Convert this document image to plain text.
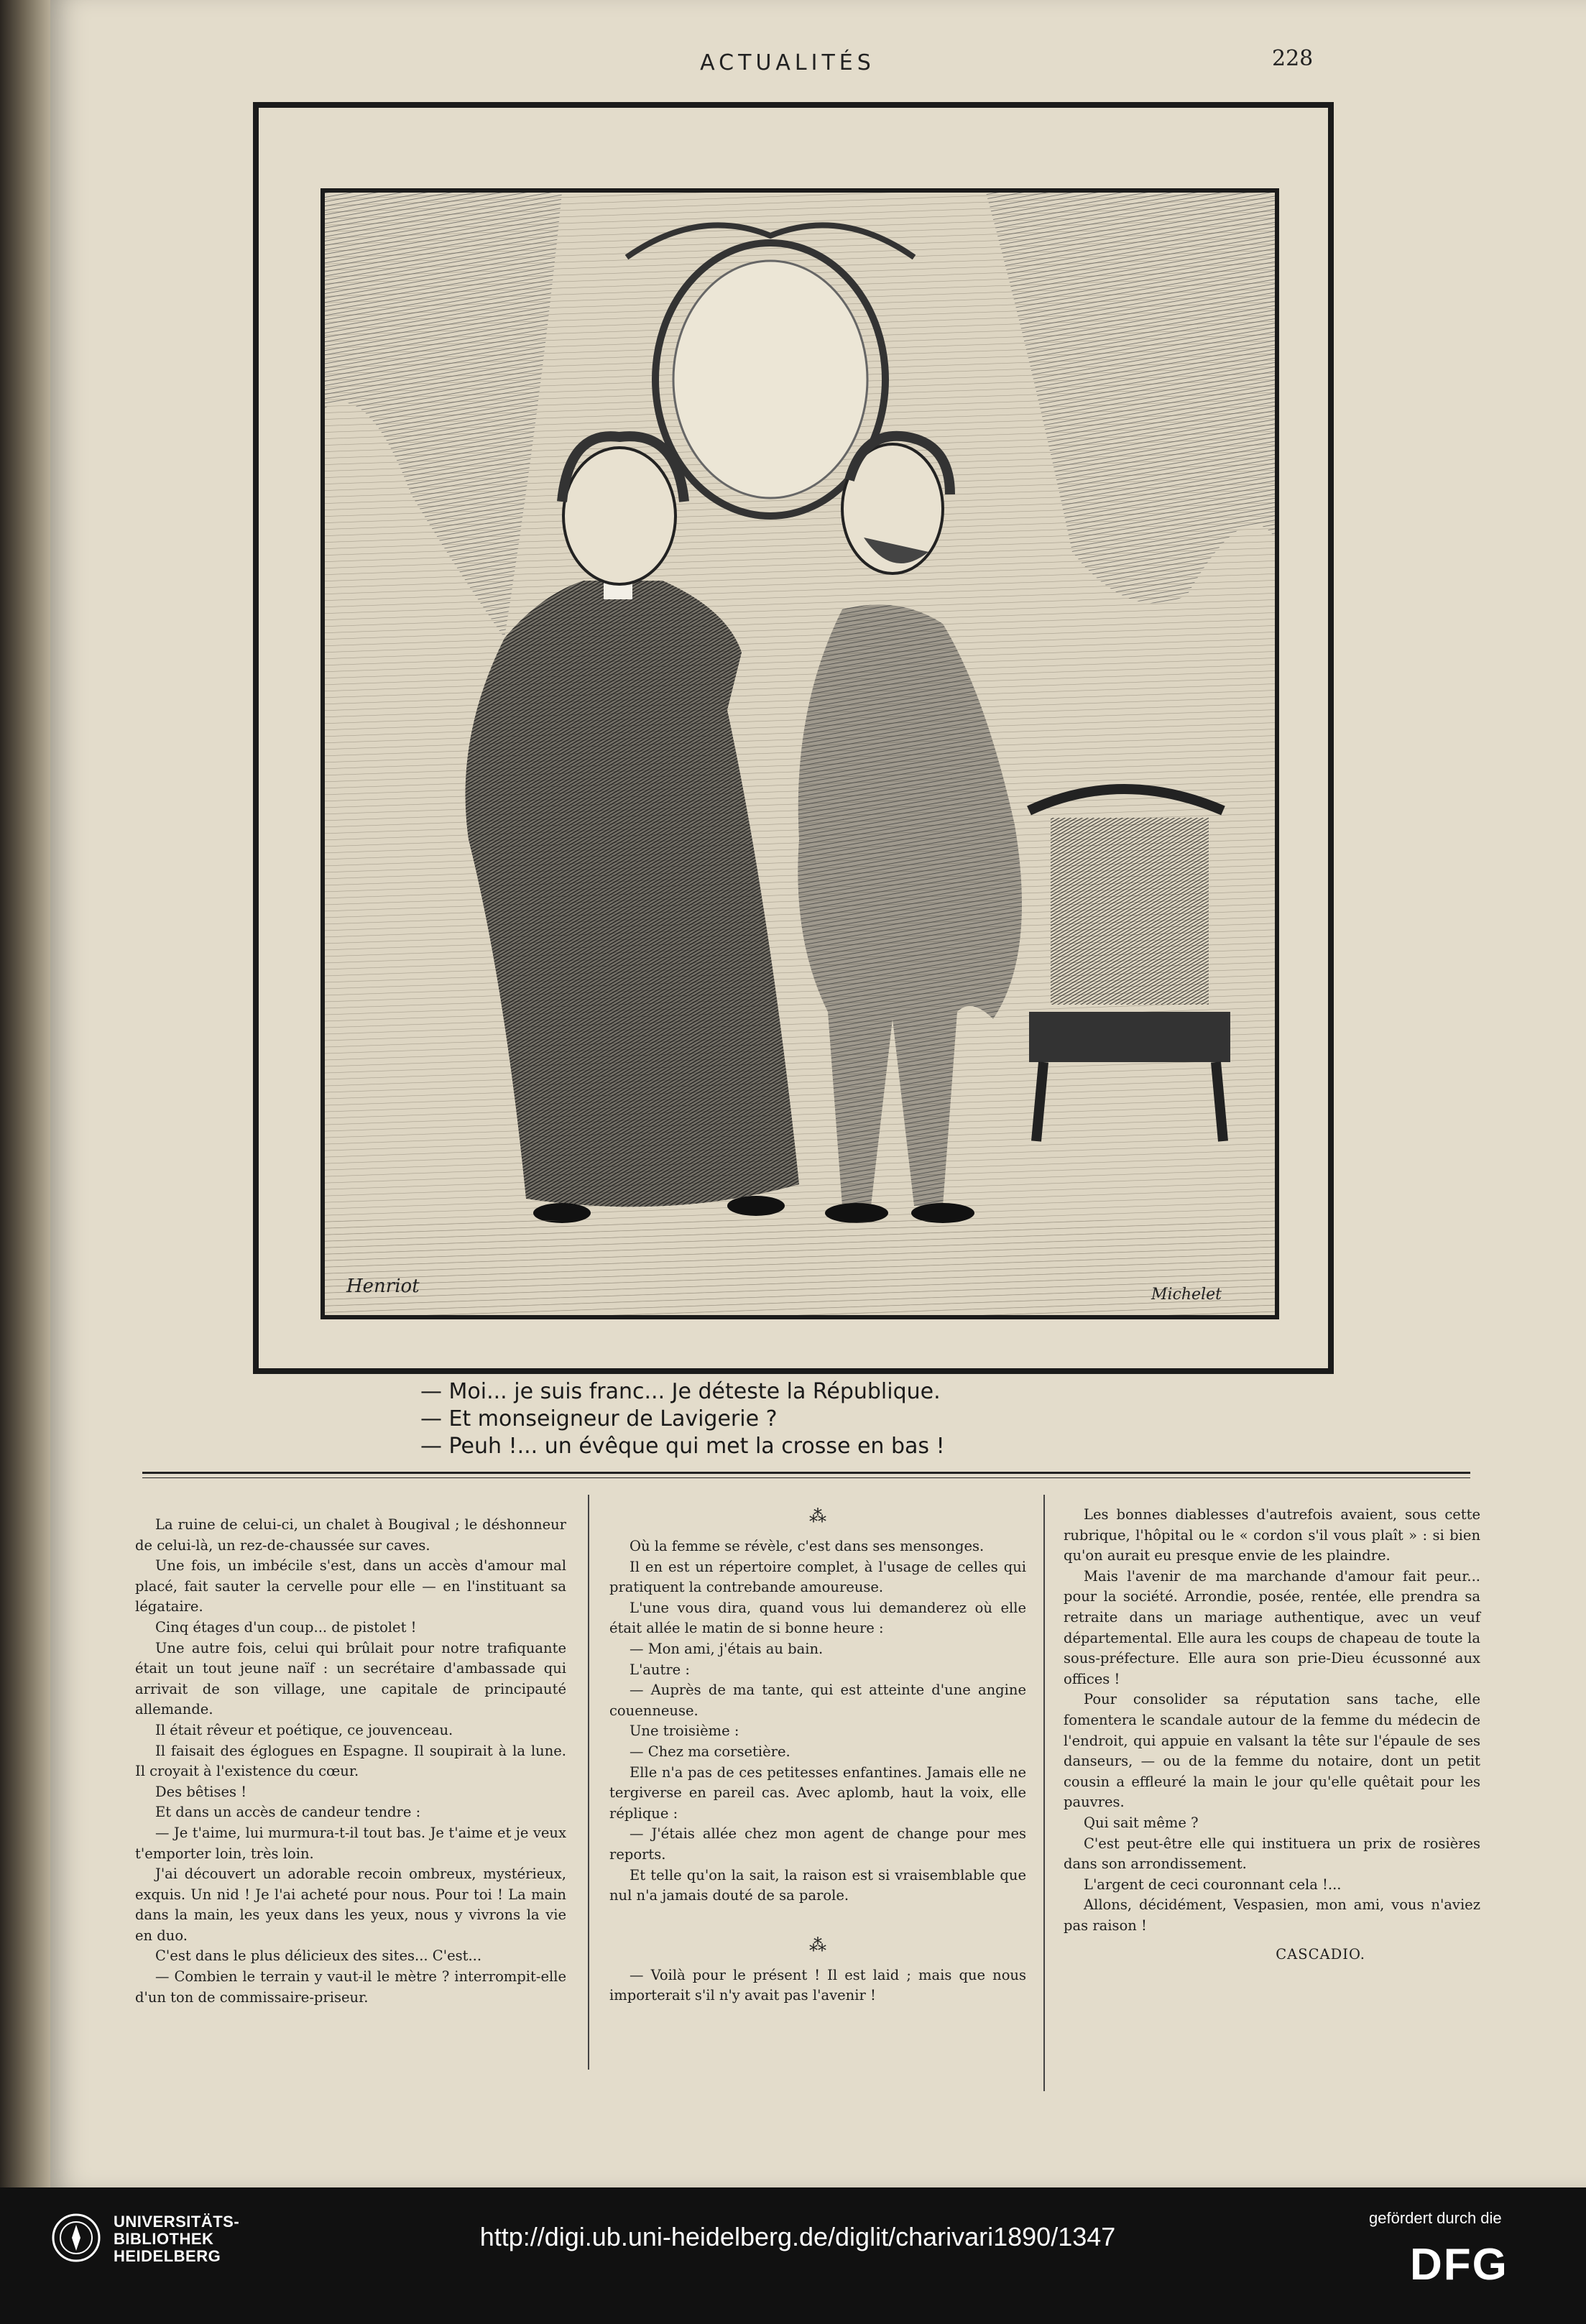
ACTUALITÉS	228
Henriot	Michelet
— Moi... je suis franc... Je déteste la République.
— Et monseigneur de Lavigerie ?
— Peuh !... un évêque qui met la crosse en bas !

La ruine de celui-ci, un chalet à Bougival ; le déshonneur de celui-là, un rez-de-chaussée sur caves.

Une fois, un imbécile s'est, dans un accès d'amour mal placé, fait sauter la cervelle pour elle — en l'instituant sa légataire.

Cinq étages d'un coup... de pistolet !

Une autre fois, celui qui brûlait pour notre trafiquante était un tout jeune naïf : un secrétaire d'ambassade qui arrivait de son village, une capitale de principauté allemande.

Il était rêveur et poétique, ce jouvenceau.

Il faisait des églogues en Espagne. Il soupirait à la lune. Il croyait à l'existence du cœur.

Des bêtises !

Et dans un accès de candeur tendre :

— Je t'aime, lui murmura-t-il tout bas. Je t'aime et je veux t'emporter loin, très loin.

J'ai découvert un adorable recoin ombreux, mystérieux, exquis. Un nid ! Je l'ai acheté pour nous. Pour toi ! La main dans la main, les yeux dans les yeux, nous y vivrons la vie en duo.

C'est dans le plus délicieux des sites... C'est...

— Combien le terrain y vaut-il le mètre ? interrompit-elle d'un ton de commissaire-priseur.

⁂

Où la femme se révèle, c'est dans ses mensonges.

Il en est un répertoire complet, à l'usage de celles qui pratiquent la contrebande amoureuse.

L'une vous dira, quand vous lui demanderez où elle était allée le matin de si bonne heure :

— Mon ami, j'étais au bain.

L'autre :

— Auprès de ma tante, qui est atteinte d'une angine couenneuse.

Une troisième :

— Chez ma corsetière.

Elle n'a pas de ces petitesses enfantines. Jamais elle ne tergiverse en pareil cas. Avec aplomb, haut la voix, elle réplique :

— J'étais allée chez mon agent de change pour mes reports.

Et telle qu'on la sait, la raison est si vraisemblable que nul n'a jamais douté de sa parole.

⁂

— Voilà pour le présent ! Il est laid ; mais que nous importerait s'il n'y avait pas l'avenir !

Les bonnes diablesses d'autrefois avaient, sous cette rubrique, l'hôpital ou le « cordon s'il vous plaît » : si bien qu'on aurait eu presque envie de les plaindre.

Mais l'avenir de ma marchande d'amour fait peur... pour la société. Arrondie, posée, rentée, elle prendra sa retraite dans un mariage authentique, avec un veuf départemental. Elle aura les coups de chapeau de toute la sous-préfecture. Elle aura son prie-Dieu écussonné aux offices !

Pour consolider sa réputation sans tache, elle fomentera le scandale autour de la femme du médecin de l'endroit, qui appuie en valsant la tête sur l'épaule de ses danseurs, — ou de la femme du notaire, dont un petit cousin a effleuré la main le jour qu'elle quêtait pour les pauvres.

Qui sait même ?

C'est peut-être elle qui instituera un prix de rosières dans son arrondissement.

L'argent de ceci couronnant cela !...

Allons, décidément, Vespasien, mon ami, vous n'aviez pas raison !

CASCADIO.
UNIVERSITÄTS-
BIBLIOTHEK
HEIDELBERG
http://digi.ub.uni-heidelberg.de/diglit/charivari1890/1347
gefördert durch die
DFG
